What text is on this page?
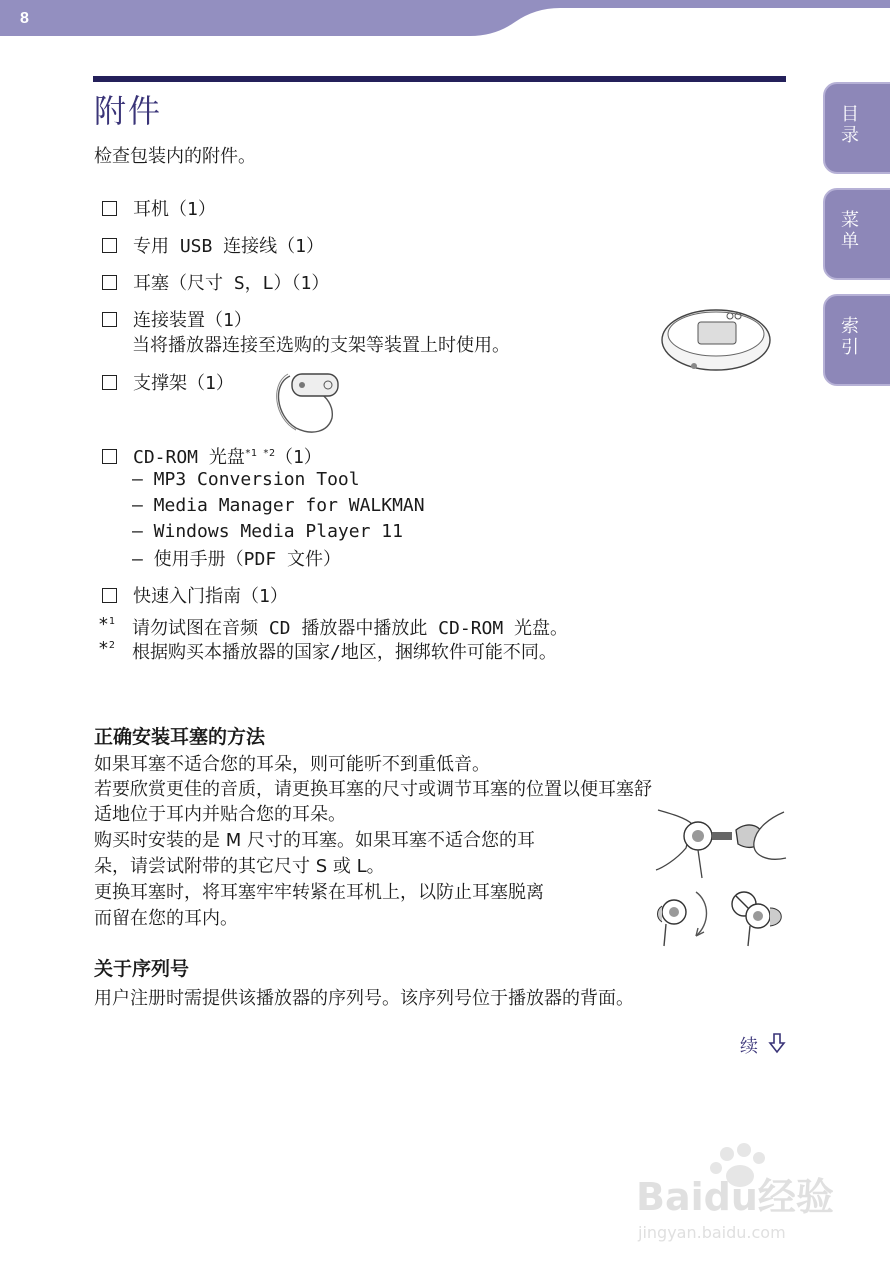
8
附件
检查包装内的附件。
目录
菜单
索引
耳机（1）
专用 USB 连接线（1）
耳塞（尺寸 S，L）（1）
连接装置（1）
当将播放器连接至选购的支架等装置上时使用。
支撑架（1）
CD-ROM 光盘$^{*1 *2}$（1）
— MP3 Conversion Tool
— Media Manager for WALKMAN
— Windows Media Player 11
— 使用手册（PDF 文件）
快速入门指南（1）
*$^1$ 请勿试图在音频 CD 播放器中播放此 CD-ROM 光盘。
*$^2$ 根据购买本播放器的国家/地区，捆绑软件可能不同。
正确安装耳塞的方法
如果耳塞不适合您的耳朵，则可能听不到重低音。
若要欣赏更佳的音质，请更换耳塞的尺寸或调节耳塞的位置以便耳塞舒
适地位于耳内并贴合您的耳朵。
购买时安装的是 M 尺寸的耳塞。如果耳塞不适合您的耳
朵，请尝试附带的其它尺寸 S 或 L。
更换耳塞时，将耳塞牢牢转紧在耳机上，以防止耳塞脱离
而留在您的耳内。
关于序列号
用户注册时需提供该播放器的序列号。该序列号位于播放器的背面。
续
Baidu经验
jingyan.baidu.com
